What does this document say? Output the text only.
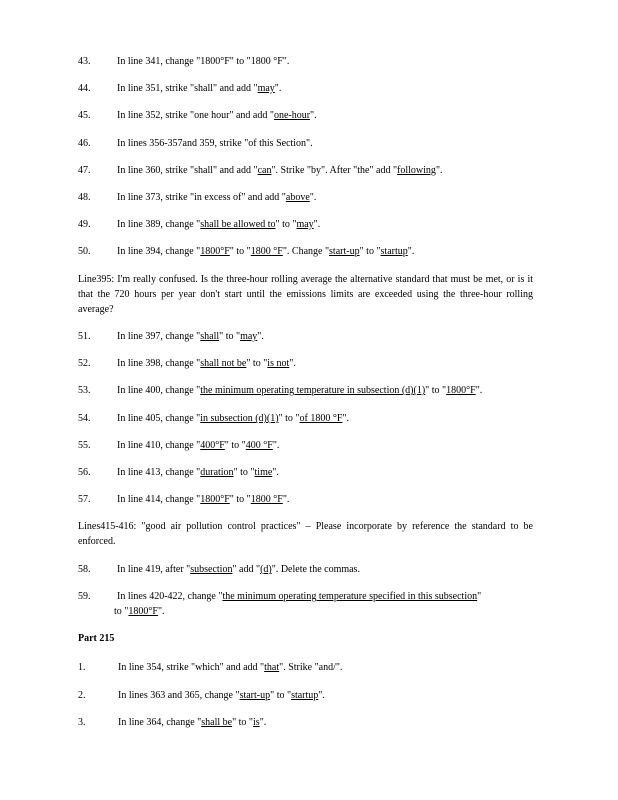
43.	In line 341, change "1800°F" to "1800 °F".
44.	In line 351, strike "shall" and add "may".
45.	In line 352, strike "one hour" and add "one-hour".
46.	In lines 356-357and 359, strike "of this Section".
47.	In line 360, strike "shall" and add "can". Strike "by". After "the" add "following".
48.	In line 373, strike "in excess of" and add "above".
49.	In line 389, change "shall be allowed to" to "may".
50.	In line 394, change "1800°F" to "1800 °F". Change "start-up" to "startup".
Line395: I'm really confused. Is the three-hour rolling average the alternative standard that must be met, or is it that the 720 hours per year don't start until the emissions limits are exceeded using the three-hour rolling average?
51.	In line 397, change "shall" to "may".
52.	In line 398, change "shall not be" to "is not".
53.	In line 400, change "the minimum operating temperature in subsection (d)(1)" to "1800°F".
54.	In line 405, change "in subsection (d)(1)" to "of 1800 °F".
55.	In line 410, change "400°F" to "400 °F".
56.	In line 413, change "duration" to "time".
57.	In line 414, change "1800°F" to "1800 °F".
Lines415-416: "good air pollution control practices" – Please incorporate by reference the standard to be enforced.
58.	In line 419, after "subsection" add "(d)". Delete the commas.
59.	In lines 420-422, change "the minimum operating temperature specified in this subsection"
to "1800°F".
Part 215
1.	In line 354, strike "which" and add "that". Strike "and/".
2.	In lines 363 and 365, change "start-up" to "startup".
3.	In line 364, change "shall be" to "is".
